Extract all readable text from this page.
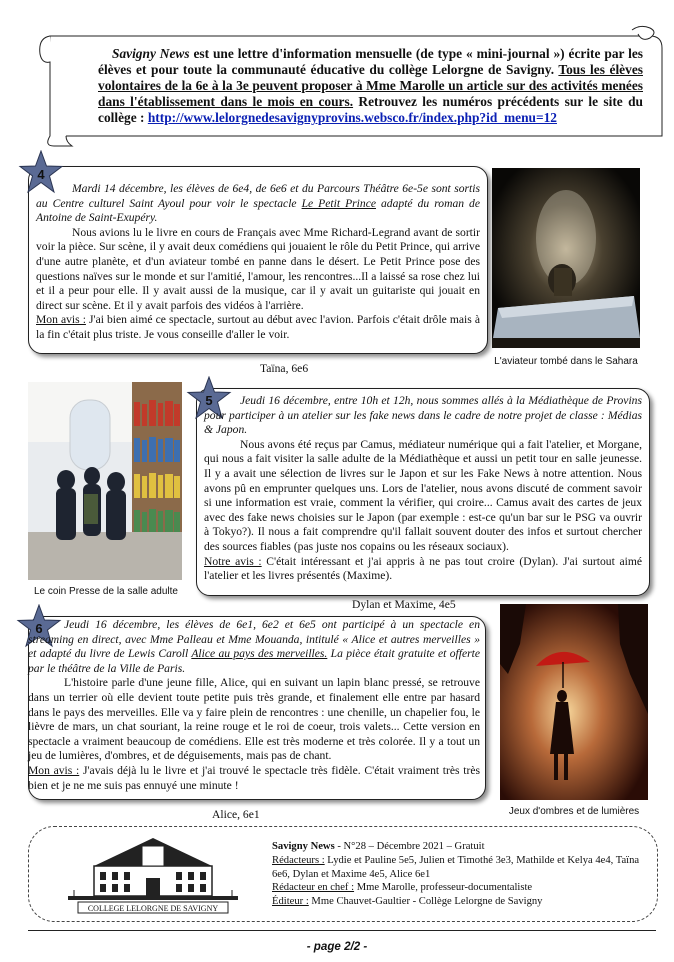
Savigny News est une lettre d'information mensuelle (de type « mini-journal ») écrite par les élèves et pour toute la communauté éducative du collège Lelorgne de Savigny. Tous les élèves volontaires de la 6e à la 3e peuvent proposer à Mme Marolle un article sur des activités menées dans l'établissement dans le mois en cours. Retrouvez les numéros précédents sur le site du collège : http://www.lelorgnedesavignyprovins.websco.fr/index.php?id_menu=12
4

Mardi 14 décembre, les élèves de 6e4, de 6e6 et du Parcours Théâtre 6e-5e sont sortis au Centre culturel Saint Ayoul pour voir le spectacle Le Petit Prince adapté du roman de Antoine de Saint-Exupéry.

Nous avions lu le livre en cours de Français avec Mme Richard-Legrand avant de sortir voir la pièce. Sur scène, il y avait deux comédiens qui jouaient le rôle du Petit Prince, qui arrive d'une autre planète, et d'un aviateur tombé en panne dans le désert. Le Petit Prince pose des questions naïves sur le monde et sur l'amitié, l'amour, les rencontres...Il a laissé sa rose chez lui et il a peur pour elle. Il y avait aussi de la musique, car il y avait un guitariste qui jouait en direct sur scène. Et il y avait parfois des vidéos à l'arrière.

Mon avis : J'ai bien aimé ce spectacle, surtout au début avec l'avion. Parfois c'était drôle mais à la fin c'était plus triste. Je vous conseille d'aller le voir.

Taïna, 6e6
L'aviateur tombé dans le Sahara
Le coin Presse de la salle adulte
5	Jeudi 16 décembre, entre 10h et 12h, nous sommes allés à la Médiathèque de Provins pour participer à un atelier sur les fake news dans le cadre de notre projet de classe : Médias & Japon.

Nous avons été reçus par Camus, médiateur numérique qui a fait l'atelier, et Morgane, qui nous a fait visiter la salle adulte de la Médiathèque et aussi un petit tour en salle jeunesse. Il y a avait une sélection de livres sur le Japon et sur les Fake News à notre attention. Nous avons pû en emprunter quelques uns. Lors de l'atelier, nous avons discuté de comment savoir si une information est vraie, comment la vérifier, qui croire... Camus avait des cartes de jeux avec des fake news choisies sur le Japon (par exemple : est-ce qu'un bar sur le PSG va ouvrir à Tokyo?). Il nous a fait comprendre qu'il fallait souvent douter des infos et surtout chercher des sources fiables (pas juste nos copains ou les réseaux sociaux).

Notre avis : C'était intéressant et j'ai appris à ne pas tout croire (Dylan). J'ai surtout aimé l'atelier et les livres présentés (Maxime).

Dylan et Maxime, 4e5
6	Jeudi 16 décembre, les élèves de 6e1, 6e2 et 6e5 ont participé à un spectacle en streaming en direct, avec Mme Palleau et Mme Mouanda, intitulé « Alice et autres merveilles » et adapté du livre de Lewis Caroll Alice au pays des merveilles. La pièce était gratuite et offerte par le théâtre de la Ville de Paris.

L'histoire parle d'une jeune fille, Alice, qui en suivant un lapin blanc pressé, se retrouve dans un terrier où elle devient toute petite puis très grande, et finalement elle entre par hasard dans le pays des merveilles. Elle va y faire plein de rencontres : une chenille, un chapelier fou, le lièvre de mars, un chat souriant, la reine rouge et le roi de coeur, trois valets... Cette version en spectacle a vraiment beaucoup de comédiens. Elle est très moderne et très colorée. Il y a tout un jeu de lumières, d'ombres, et de déguisements, mais pas de chant.

Mon avis : J'avais déjà lu le livre et j'ai trouvé le spectacle très fidèle. C'était vraiment très très bien et je ne me suis pas ennuyé une minute !

Alice, 6e1	Jeux d'ombres et de lumières
COLLEGE LELORGNE DE SAVIGNY

Savigny News - N°28 – Décembre 2021 – Gratuit

Rédacteurs : Lydie et Pauline 5e5, Julien et Timothé 3e3, Mathilde et Kelya 4e4, Taïna 6e6, Dylan et Maxime 4e5, Alice 6e1

Rédacteur en chef : Mme Marolle, professeur-documentaliste

Éditeur : Mme Chauvet-Gaultier - Collège Lelorgne de Savigny

- page 2/2 -
